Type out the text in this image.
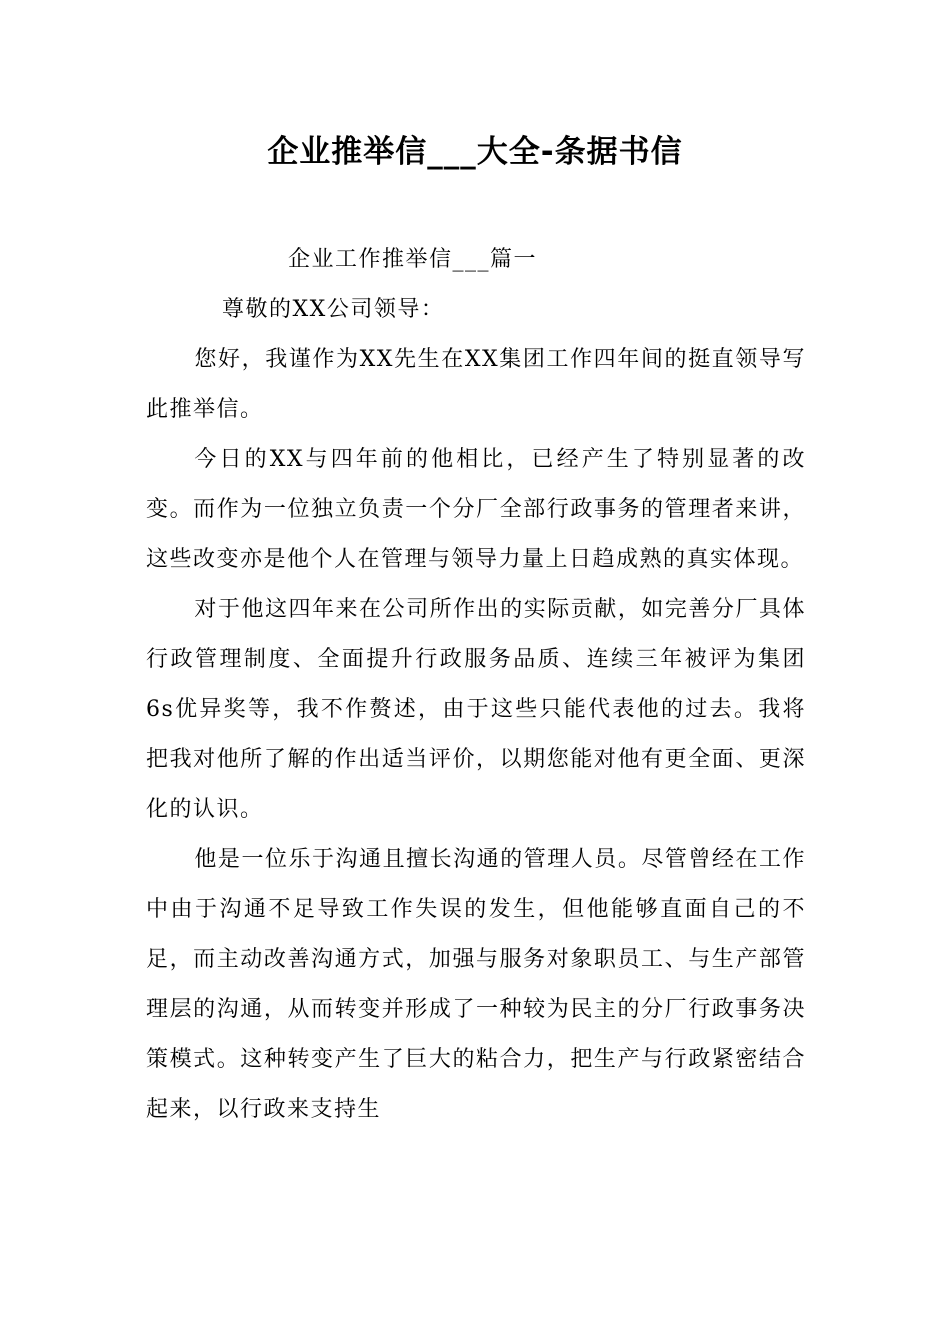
企业推举信___大全-条据书信

企业工作推举信___篇一

尊敬的XX公司领导：

您好，我谨作为XX先生在XX集团工作四年间的挺直领导写此推举信。

今日的XX与四年前的他相比，已经产生了特别显著的改变。而作为一位独立负责一个分厂全部行政事务的管理者来讲，这些改变亦是他个人在管理与领导力量上日趋成熟的真实体现。

对于他这四年来在公司所作出的实际贡献，如完善分厂具体行政管理制度、全面提升行政服务品质、连续三年被评为集团6s优异奖等，我不作赘述，由于这些只能代表他的过去。我将把我对他所了解的作出适当评价，以期您能对他有更全面、更深化的认识。

他是一位乐于沟通且擅长沟通的管理人员。尽管曾经在工作中由于沟通不足导致工作失误的发生，但他能够直面自己的不足，而主动改善沟通方式，加强与服务对象职员工、与生产部管理层的沟通，从而转变并形成了一种较为民主的分厂行政事务决策模式。这种转变产生了巨大的粘合力，把生产与行政紧密结合起来，以行政来支持生
